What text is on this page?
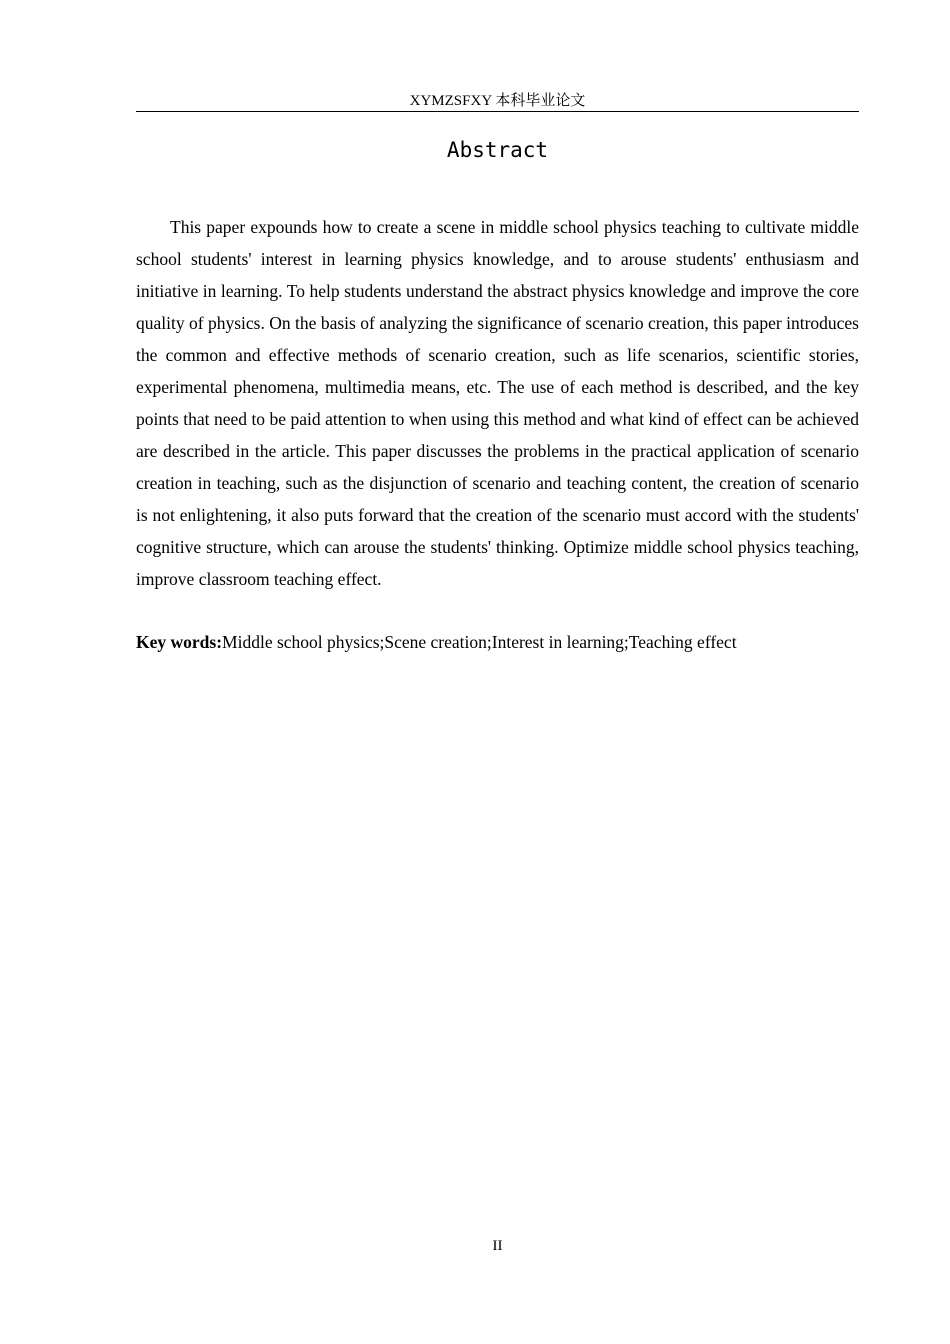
XYMZSFXY 本科毕业论文
Abstract

This paper expounds how to create a scene in middle school physics teaching to cultivate middle school students' interest in learning physics knowledge, and to arouse students' enthusiasm and initiative in learning. To help students understand the abstract physics knowledge and improve the core quality of physics. On the basis of analyzing the significance of scenario creation, this paper introduces the common and effective methods of scenario creation, such as life scenarios, scientific stories, experimental phenomena, multimedia means, etc. The use of each method is described, and the key points that need to be paid attention to when using this method and what kind of effect can be achieved are described in the article. This paper discusses the problems in the practical application of scenario creation in teaching, such as the disjunction of scenario and teaching content, the creation of scenario is not enlightening, it also puts forward that the creation of the scenario must accord with the students' cognitive structure, which can arouse the students' thinking. Optimize middle school physics teaching, improve classroom teaching effect.

Key words:Middle school physics;Scene creation;Interest in learning;Teaching effect

II
